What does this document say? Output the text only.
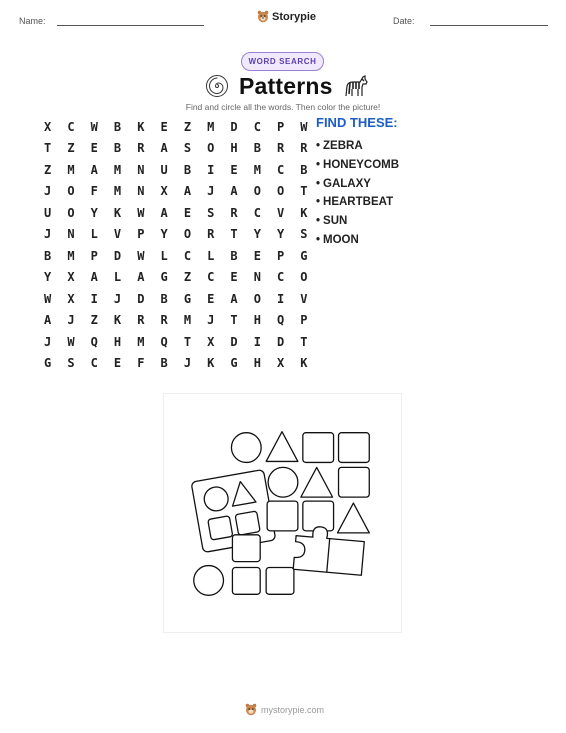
Name:	Storypie	Date:
WORD SEARCH
Patterns
Find and circle all the words. Then color the picture!
X	C	W	B	K	E	Z	M	D	C	P	W
T	Z	E	B	R	A	S	O	H	B	R	R
Z	M	A	M	N	U	B	I	E	M	C	B
J	O	F	M	N	X	A	J	A	O	O	T
U	O	Y	K	W	A	E	S	R	C	V	K
J	N	L	V	P	Y	O	R	T	Y	Y	S
B	M	P	D	W	L	C	L	B	E	P	G
Y	X	A	L	A	G	Z	C	E	N	C	O
W	X	I	J	D	B	G	E	A	O	I	V
A	J	Z	K	R	R	M	J	T	H	Q	P
J	W	Q	H	M	Q	T	X	D	I	D	T
G	S	C	E	F	B	J	K	G	H	X	K
FIND THESE:
• ZEBRA
• HONEYCOMB
• GALAXY
• HEARTBEAT
• SUN
• MOON
mystorypie.com
